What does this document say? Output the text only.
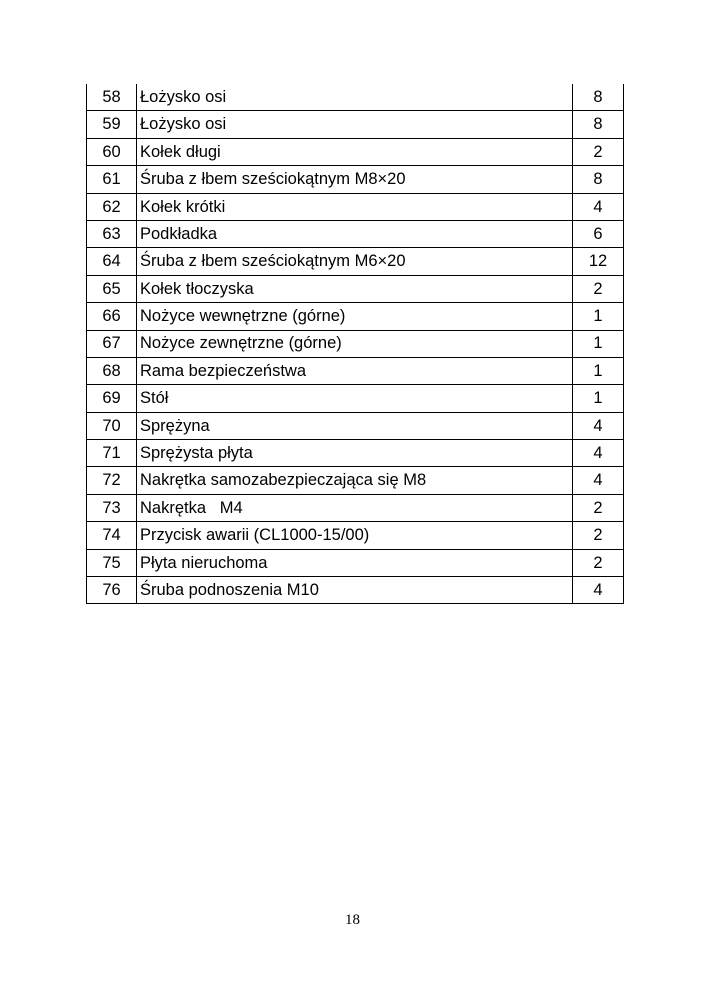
58	Łożysko osi	8
59	Łożysko osi	8
60	Kołek długi	2
61	Śruba z łbem sześciokątnym M8×20	8
62	Kołek krótki	4
63	Podkładka	6
64	Śruba z łbem sześciokątnym M6×20	12
65	Kołek tłoczyska	2
66	Nożyce wewnętrzne (górne)	1
67	Nożyce zewnętrzne (górne)	1
68	Rama bezpieczeństwa	1
69	Stół	1
70	Sprężyna	4
71	Sprężysta płyta	4
72	Nakrętka samozabezpieczająca się M8	4
73	Nakrętka   M4	2
74	Przycisk awarii (CL1000-15/00)	2
75	Płyta nieruchoma	2
76	Śruba podnoszenia M10	4
18
